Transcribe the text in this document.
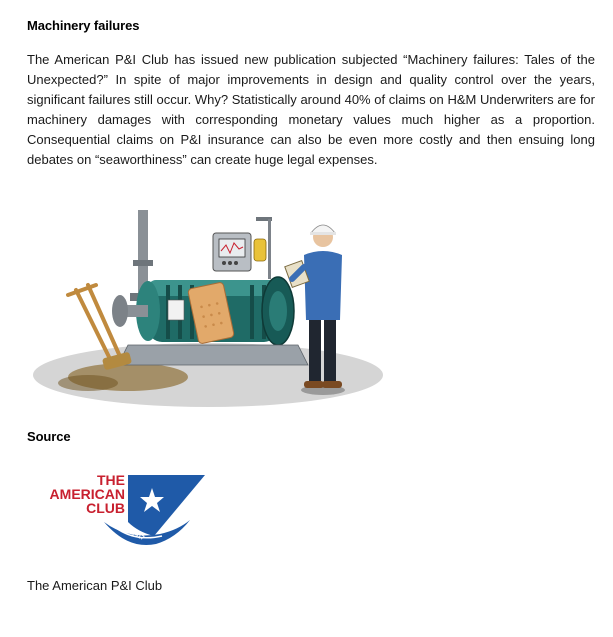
Machinery failures
The American P&I Club has issued new publication subjected “Machinery failures: Tales of the Unexpected?” In spite of major improvements in design and quality control over the years, significant failures still occur. Why? Statistically around 40% of claims on H&M Underwriters are for machinery damages with corresponding monetary values much higher as a proportion. Consequential claims on P&I insurance can also be even more costly and then ensuing long debates on “seaworthiness” can create huge legal expenses.
Source
THE
AMERICAN
CLUB
1917
The American P&I Club
